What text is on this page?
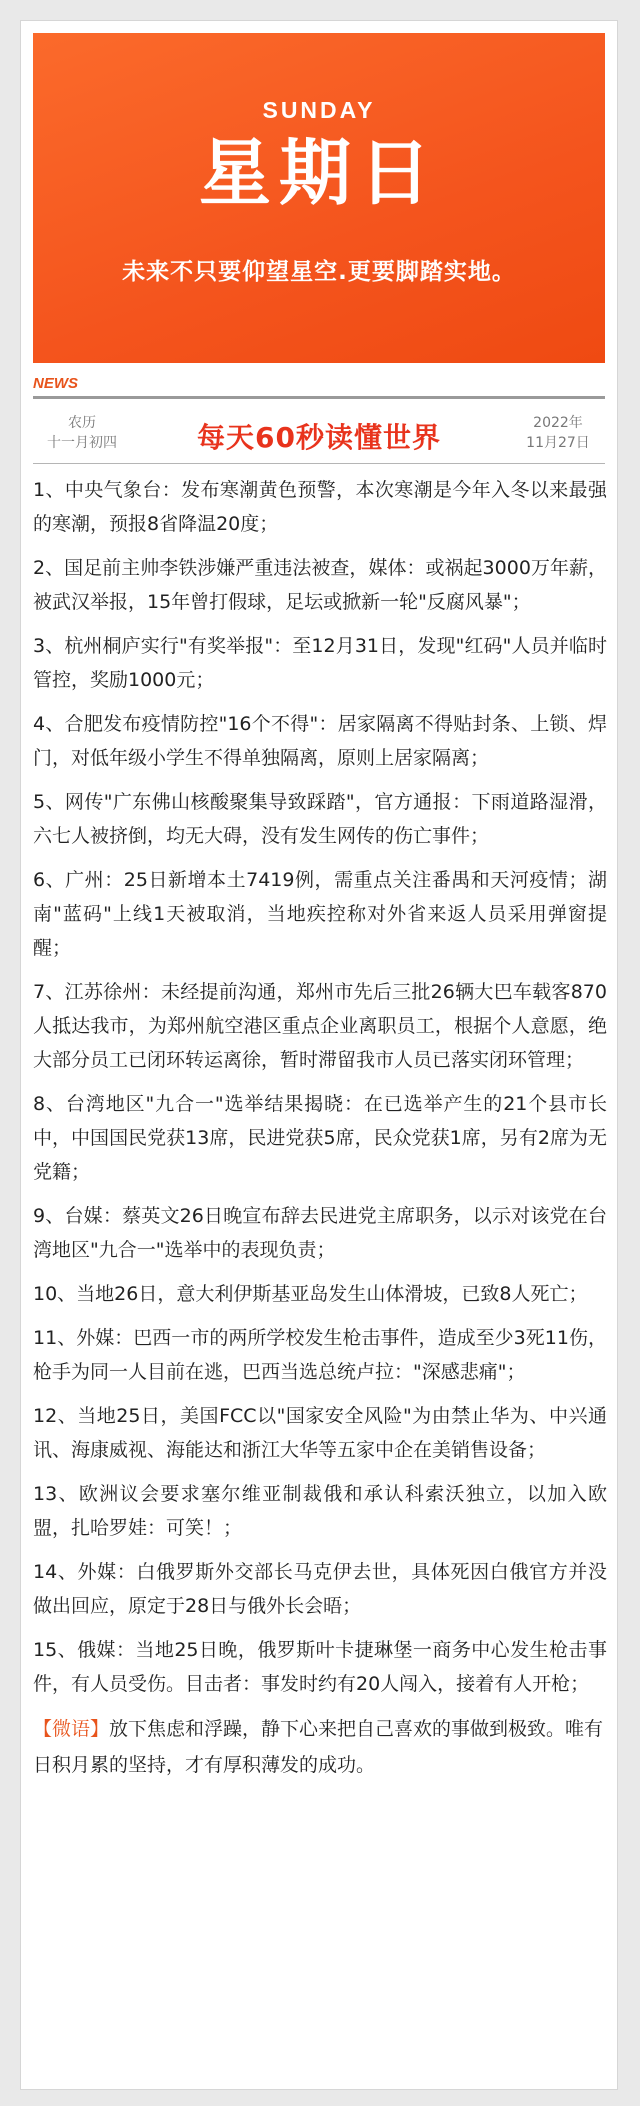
SUNDAY
星期日
未来不只要仰望星空.更要脚踏实地。
NEWS
农历
十一月初四	每天60秒读懂世界	2022年
11月27日

1、中央气象台：发布寒潮黄色预警，本次寒潮是今年入冬以来最强的寒潮，预报8省降温20度；

2、国足前主帅李铁涉嫌严重违法被查，媒体：或祸起3000万年薪，被武汉举报，15年曾打假球，足坛或掀新一轮"反腐风暴"；

3、杭州桐庐实行"有奖举报"：至12月31日，发现"红码"人员并临时管控，奖励1000元；

4、合肥发布疫情防控"16个不得"：居家隔离不得贴封条、上锁、焊门，对低年级小学生不得单独隔离，原则上居家隔离；

5、网传"广东佛山核酸聚集导致踩踏"，官方通报：下雨道路湿滑，六七人被挤倒，均无大碍，没有发生网传的伤亡事件；

6、广州：25日新增本土7419例，需重点关注番禺和天河疫情；湖南"蓝码"上线1天被取消，当地疾控称对外省来返人员采用弹窗提醒；

7、江苏徐州：未经提前沟通，郑州市先后三批26辆大巴车载客870人抵达我市，为郑州航空港区重点企业离职员工，根据个人意愿，绝大部分员工已闭环转运离徐，暂时滞留我市人员已落实闭环管理；

8、台湾地区"九合一"选举结果揭晓：在已选举产生的21个县市长中，中国国民党获13席，民进党获5席，民众党获1席，另有2席为无党籍；

9、台媒：蔡英文26日晚宣布辞去民进党主席职务，以示对该党在台湾地区"九合一"选举中的表现负责；

10、当地26日，意大利伊斯基亚岛发生山体滑坡，已致8人死亡；

11、外媒：巴西一市的两所学校发生枪击事件，造成至少3死11伤，枪手为同一人目前在逃，巴西当选总统卢拉："深感悲痛"；

12、当地25日，美国FCC以"国家安全风险"为由禁止华为、中兴通讯、海康威视、海能达和浙江大华等五家中企在美销售设备；

13、欧洲议会要求塞尔维亚制裁俄和承认科索沃独立，以加入欧盟，扎哈罗娃：可笑！；

14、外媒：白俄罗斯外交部长马克伊去世，具体死因白俄官方并没做出回应，原定于28日与俄外长会晤；

15、俄媒：当地25日晚，俄罗斯叶卡捷琳堡一商务中心发生枪击事件，有人员受伤。目击者：事发时约有20人闯入，接着有人开枪；

【微语】放下焦虑和浮躁，静下心来把自己喜欢的事做到极致。唯有日积月累的坚持，才有厚积薄发的成功。
